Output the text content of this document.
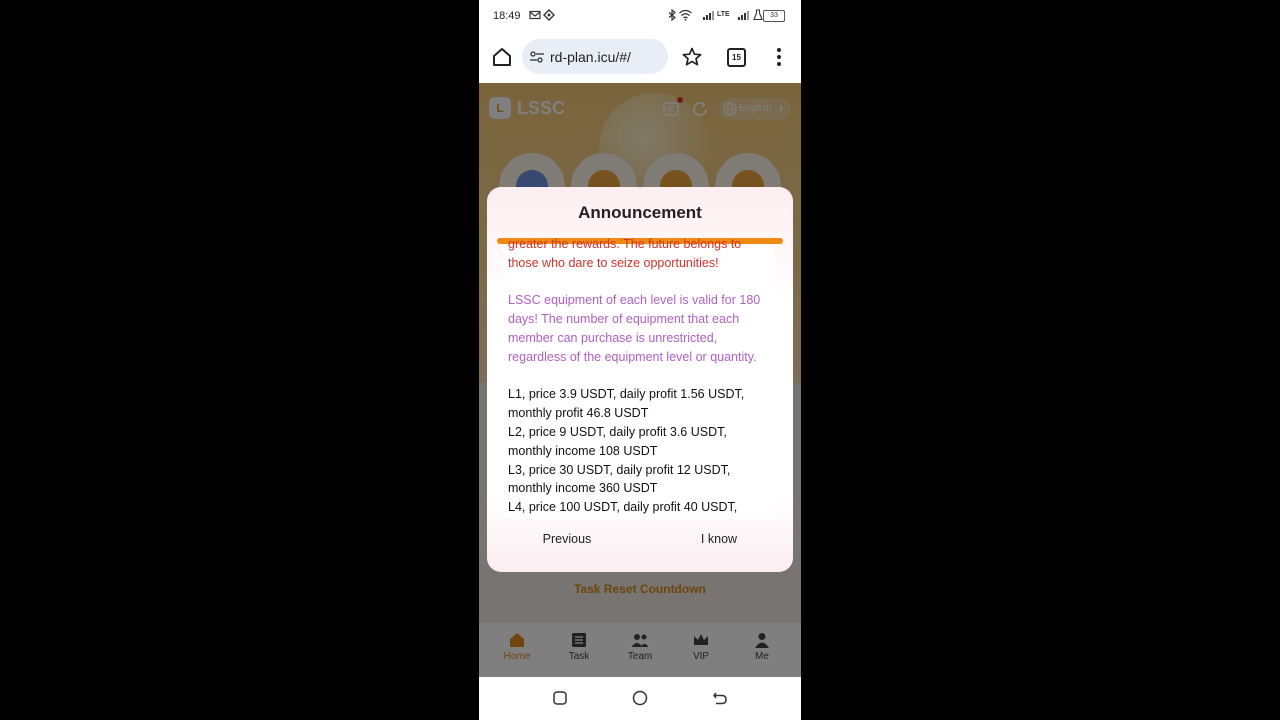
18:49	LTE	33
rd-plan.icu/#/	15

Announcement

greater the rewards. The future belongs to those who dare to seize opportunities!

LSSC equipment of each level is valid for 180 days! The number of equipment that each member can purchase is unrestricted, regardless of the equipment level or quantity.

L1, price 3.9 USDT, daily profit 1.56 USDT, monthly profit 46.8 USDT

L2, price 9 USDT, daily profit 3.6 USDT, monthly income 108 USDT

L3, price 30 USDT, daily profit 12 USDT, monthly income 360 USDT

L4, price 100 USDT, daily profit 40 USDT,

Previous	I know
